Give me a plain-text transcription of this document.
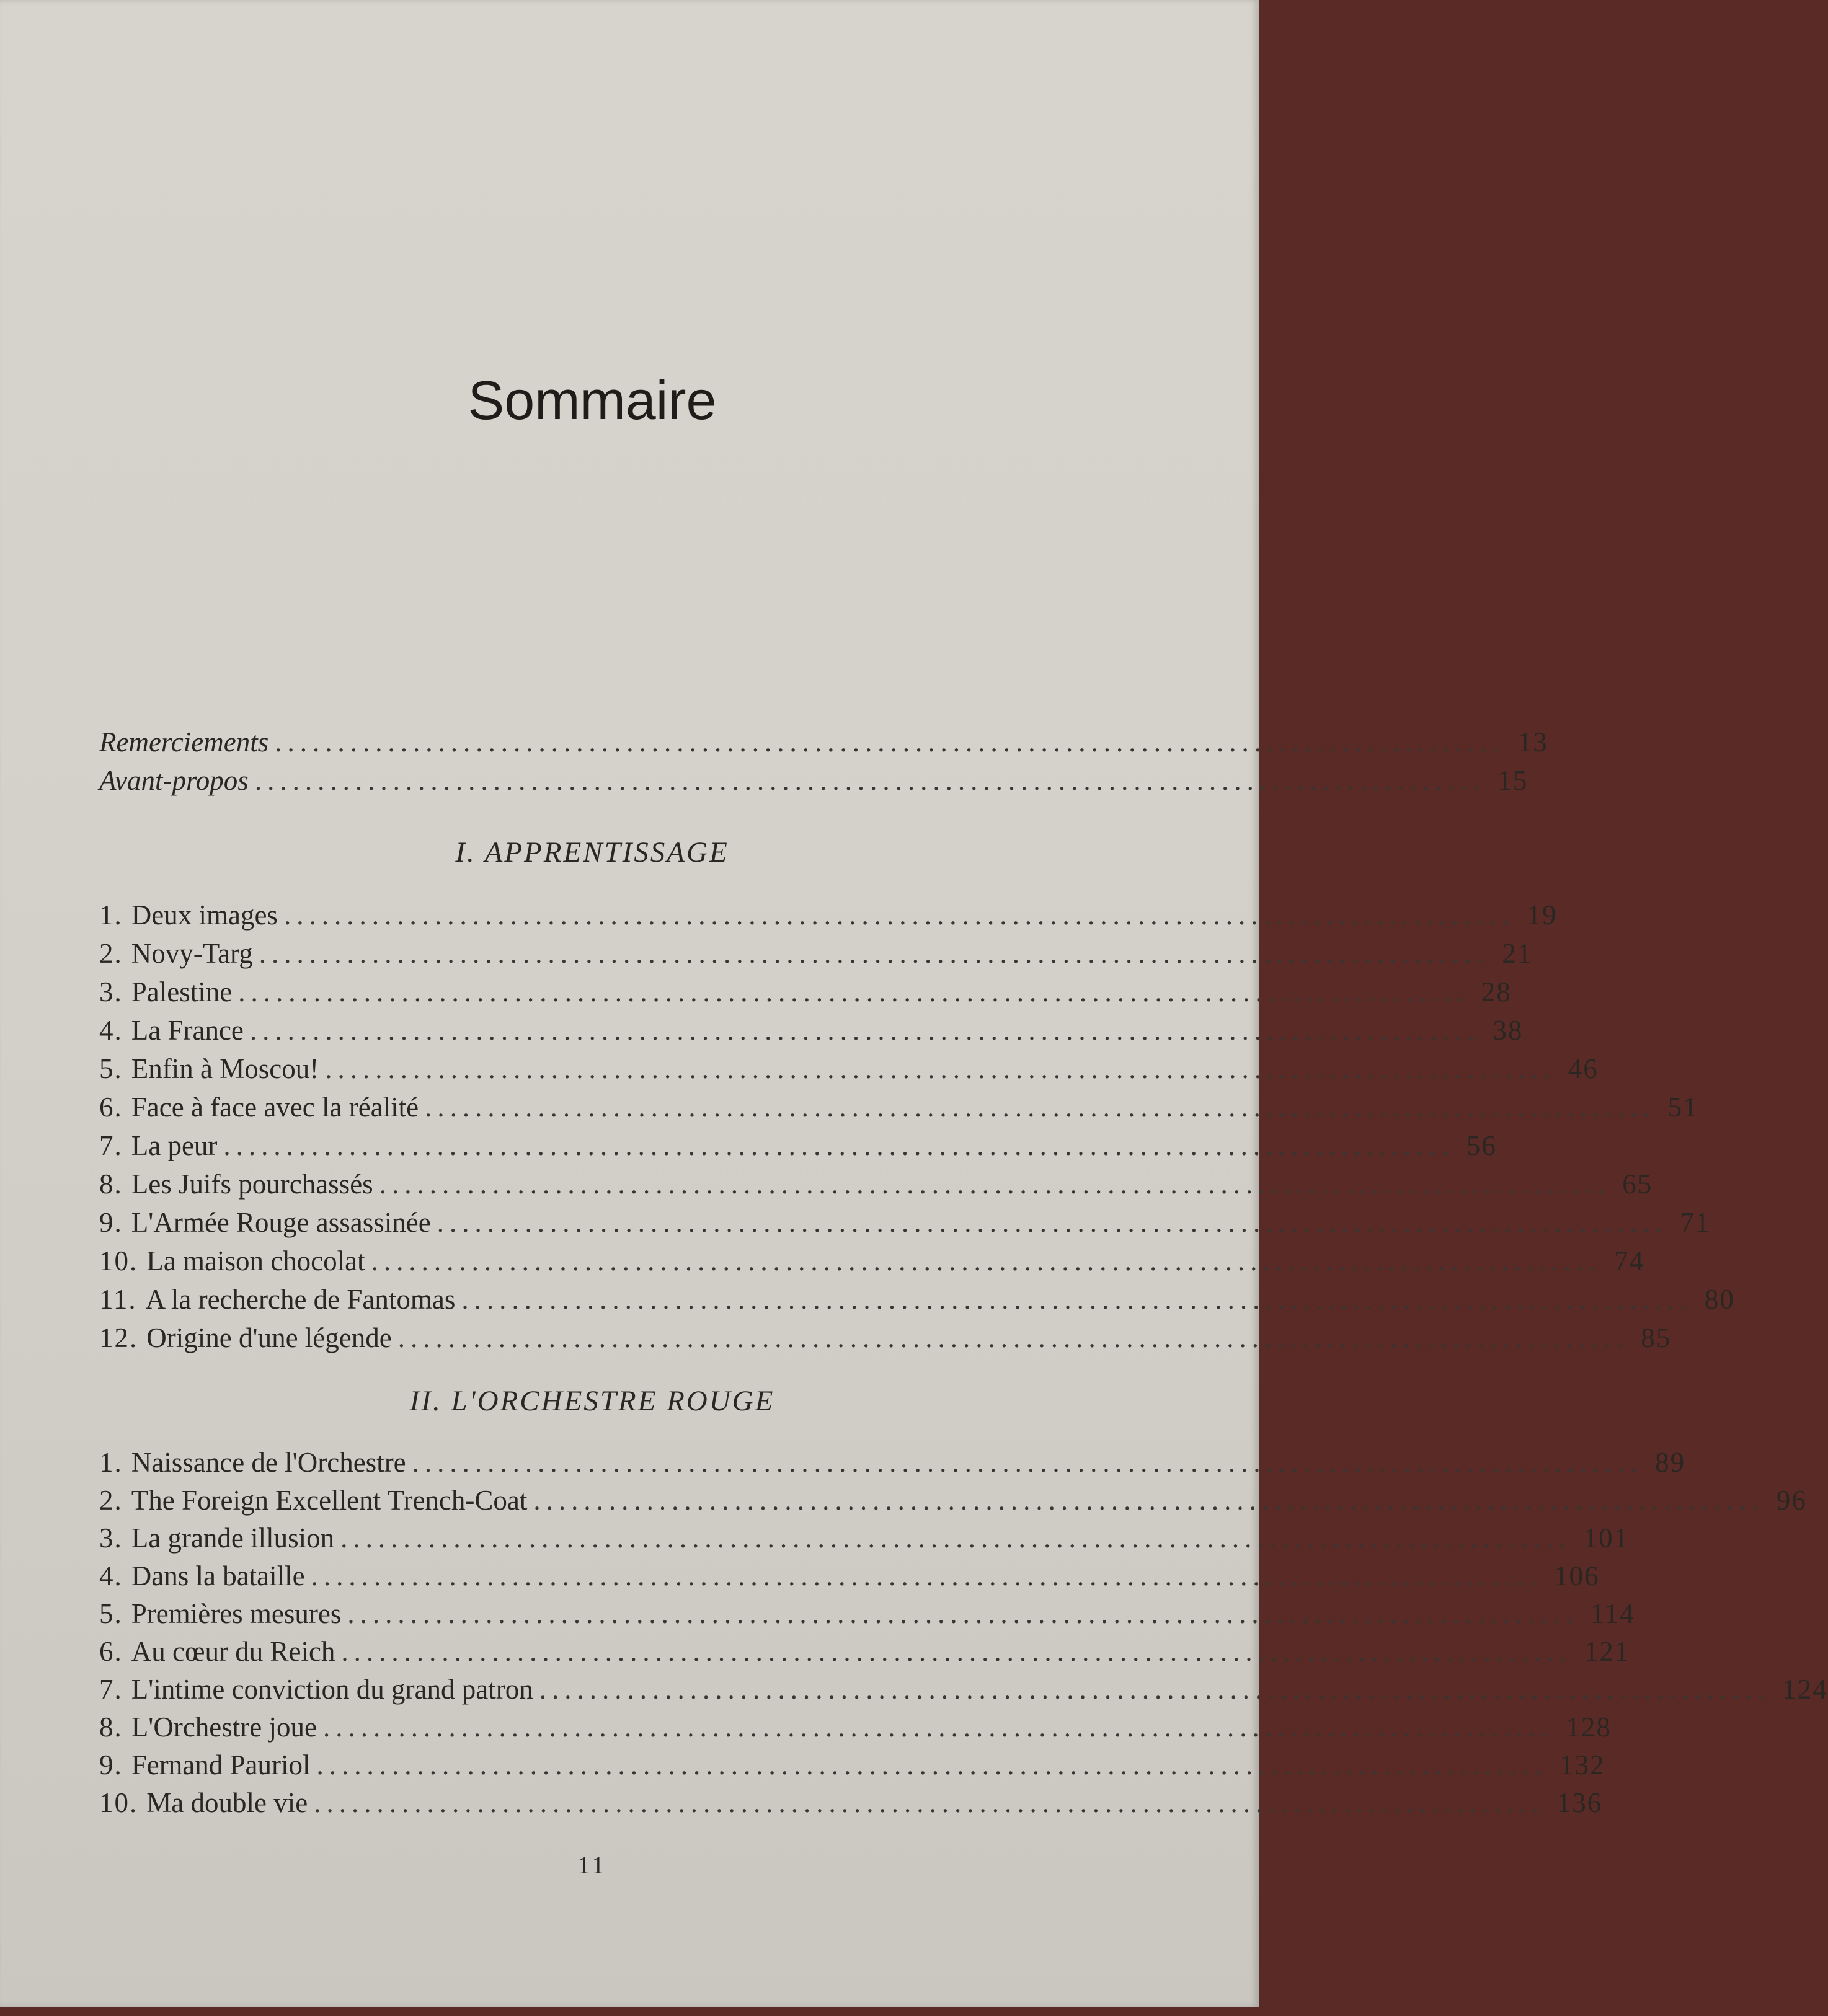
Sommaire
Remerciements .................................................................................................. 13
Avant-propos .................................................................................................. 15
I. APPRENTISSAGE
1. Deux images .................................................................................................. 19
2. Novy-Targ .................................................................................................. 21
3. Palestine .................................................................................................. 28
4. La France .................................................................................................. 38
5. Enfin à Moscou! .................................................................................................. 46
6. Face à face avec la réalité .................................................................................................. 51
7. La peur .................................................................................................. 56
8. Les Juifs pourchassés .................................................................................................. 65
9. L'Armée Rouge assassinée .................................................................................................. 71
10. La maison chocolat .................................................................................................. 74
11. A la recherche de Fantomas .................................................................................................. 80
12. Origine d'une légende .................................................................................................. 85
II. L'ORCHESTRE ROUGE
1. Naissance de l'Orchestre .................................................................................................. 89
2. The Foreign Excellent Trench-Coat .................................................................................................. 96
3. La grande illusion .................................................................................................. 101
4. Dans la bataille .................................................................................................. 106
5. Premières mesures .................................................................................................. 114
6. Au cœur du Reich .................................................................................................. 121
7. L'intime conviction du grand patron .................................................................................................. 124
8. L'Orchestre joue .................................................................................................. 128
9. Fernand Pauriol .................................................................................................. 132
10. Ma double vie .................................................................................................. 136
11
